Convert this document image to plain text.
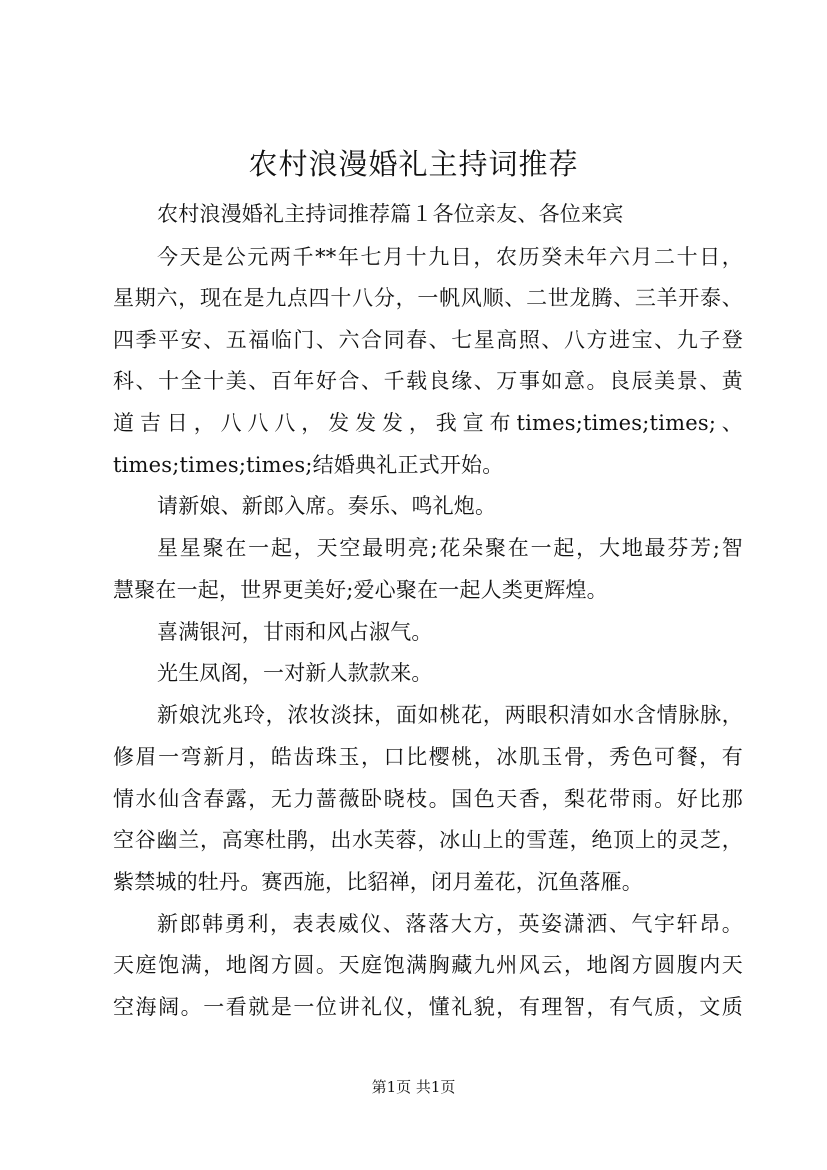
农村浪漫婚礼主持词推荐
农村浪漫婚礼主持词推荐篇１各位亲友、各位来宾
今天是公元两千**年七月十九日，农历癸未年六月二十日，
星期六，现在是九点四十八分，一帆风顺、二世龙腾、三羊开泰、
四季平安、五福临门、六合同春、七星高照、八方进宝、九子登
科、十全十美、百年好合、千载良缘、万事如意。良辰美景、黄
道吉日，八八八，发发发，我宣布times;times;times;、
times;times;times;结婚典礼正式开始。
请新娘、新郎入席。奏乐、鸣礼炮。
星星聚在一起，天空最明亮;花朵聚在一起，大地最芬芳;智
慧聚在一起，世界更美好;爱心聚在一起人类更辉煌。
喜满银河，甘雨和风占淑气。
光生凤阁，一对新人款款来。
新娘沈兆玲，浓妆淡抹，面如桃花，两眼积清如水含情脉脉，
修眉一弯新月，皓齿珠玉，口比樱桃，冰肌玉骨，秀色可餐，有
情水仙含春露，无力蔷薇卧晓枝。国色天香，梨花带雨。好比那
空谷幽兰，高寒杜鹃，出水芙蓉，冰山上的雪莲，绝顶上的灵芝，
紫禁城的牡丹。赛西施，比貂禅，闭月羞花，沉鱼落雁。
新郎韩勇利，表表威仪、落落大方，英姿潇洒、气宇轩昂。
天庭饱满，地阁方圆。天庭饱满胸藏九州风云，地阁方圆腹内天
空海阔。一看就是一位讲礼仪，懂礼貌，有理智，有气质，文质
第1页 共1页
